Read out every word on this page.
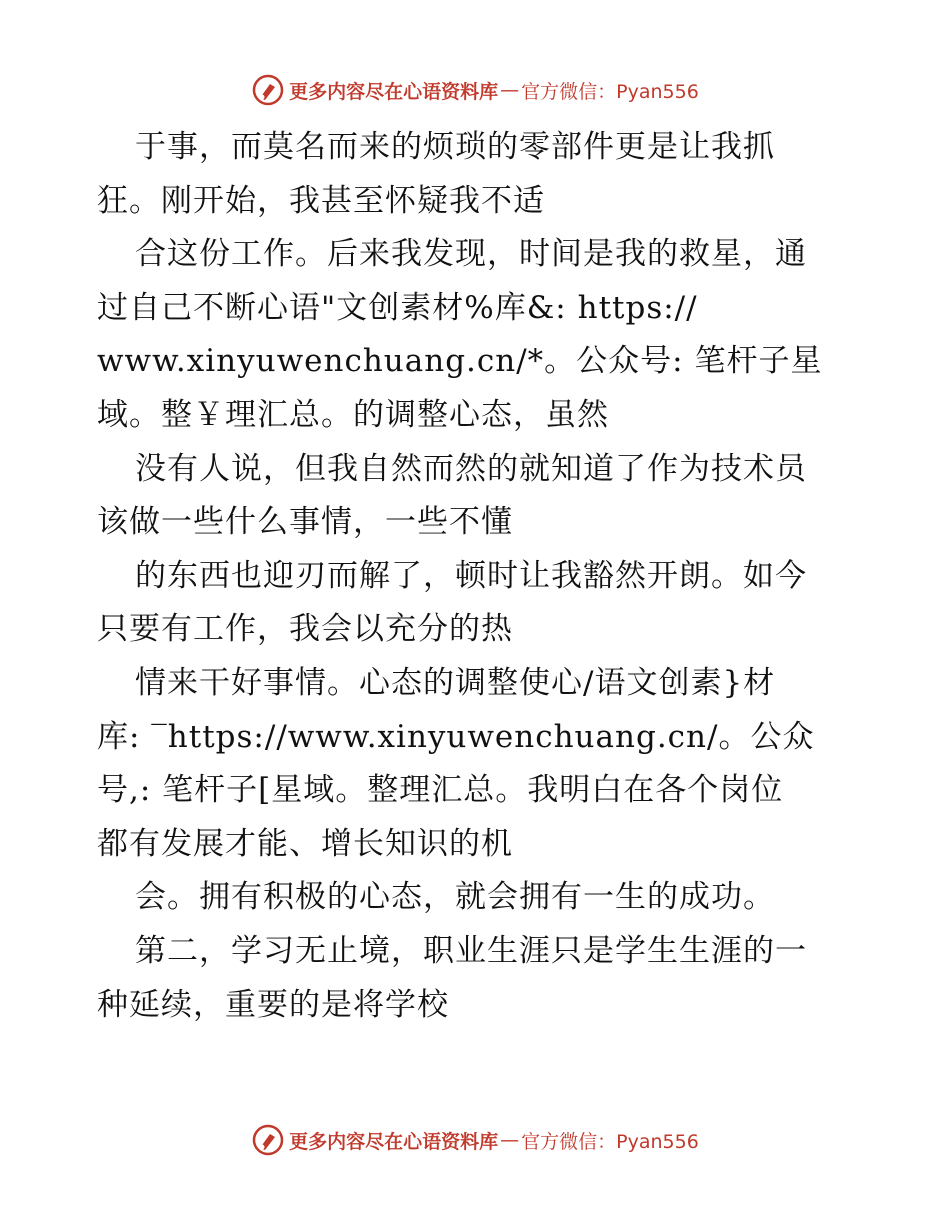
更多内容尽在心语资料库 — 官方微信：Pyan556
于事，而莫名而来的烦琐的零部件更是让我抓
狂。刚开始，我甚至怀疑我不适
合这份工作。后来我发现，时间是我的救星，通
过自己不断心语"文创素材%库&: https://
www.xinyuwenchuang.cn/*。公众号: 笔杆子星
域。整￥理汇总。的调整心态，虽然
没有人说，但我自然而然的就知道了作为技术员
该做一些什么事情，一些不懂
的东西也迎刃而解了，顿时让我豁然开朗。如今
只要有工作，我会以充分的热
情来干好事情。心态的调整使心/语文创素}材
库: ‾https://www.xinyuwenchuang.cn/。公众
号,: 笔杆子[星域。整理汇总。我明白在各个岗位
都有发展才能、增长知识的机
会。拥有积极的心态，就会拥有一生的成功。
第二，学习无止境，职业生涯只是学生生涯的一
种延续，重要的是将学校
更多内容尽在心语资料库 — 官方微信：Pyan556
